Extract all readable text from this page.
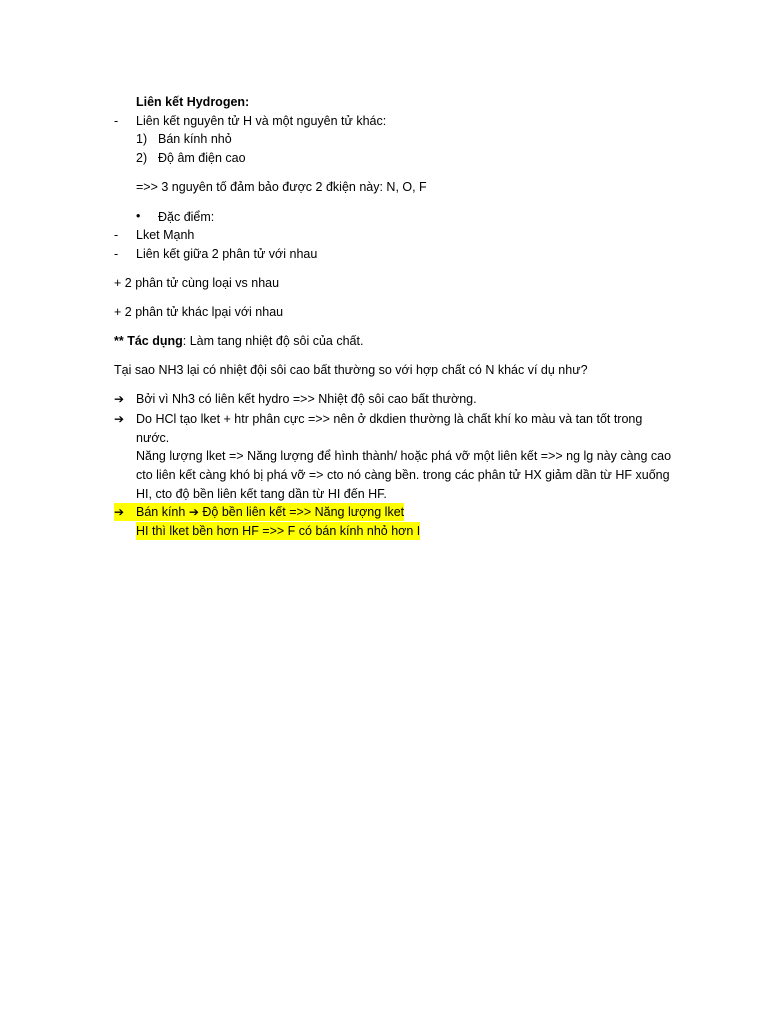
Liên kết Hydrogen:
- Liên kết nguyên tử H và một nguyên tử khác:
1) Bán kính nhỏ
2) Độ âm điện cao
=>> 3 nguyên tố đảm bảo được 2 đkiện này: N, O, F
• Đặc điểm:
- Lket Mạnh
- Liên kết giữa 2 phân tử với nhau
+ 2 phân tử cùng loại vs nhau
+ 2 phân tử khác lpại với nhau
** Tác dụng: Làm tang nhiệt độ sôi của chất.
Tại sao NH3 lại có nhiệt đội sôi cao bất thường so với hợp chất có N khác ví dụ như?
➔ Bởi vì Nh3 có liên kết hydro =>> Nhiệt độ sôi cao bất thường.
➔ Do HCl tạo lket + htr phân cực =>> nên ở dkdien thường là chất khí ko màu và tan tốt trong
nước.
Năng lượng lket => Năng lượng để hình thành/ hoặc phá vỡ một liên kết =>> ng lg này càng cao
cto liên kết càng khó bị phá vỡ => cto nó càng bền. trong các phân tử HX giảm dần từ HF xuống
HI, cto độ bền liên kết tang dần từ HI đến HF.
➔ Bán kính ➔ Độ bền liên kết =>> Năng lượng lket
HI thì lket bền hơn HF =>> F có bán kính nhỏ hơn I
